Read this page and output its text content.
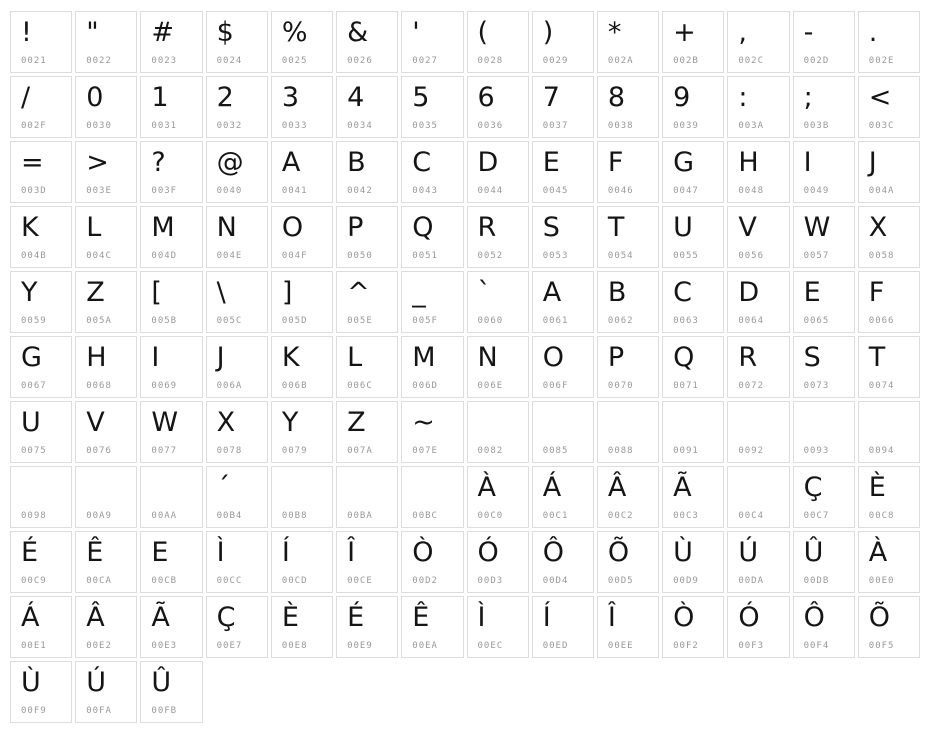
!
0021
"
0022
#
0023
$
0024
%
0025
&
0026
'
0027
(
0028
)
0029
*
002A
+
002B
,
002C
-
002D
.
002E
/
002F
0
0030
1
0031
2
0032
3
0033
4
0034
5
0035
6
0036
7
0037
8
0038
9
0039
:
003A
;
003B
<
003C
=
003D
>
003E
?
003F
@
0040
A
0041
B
0042
C
0043
D
0044
E
0045
F
0046
G
0047
H
0048
I
0049
J
004A
K
004B
L
004C
M
004D
N
004E
O
004F
P
0050
Q
0051
R
0052
S
0053
T
0054
U
0055
V
0056
W
0057
X
0058
Y
0059
Z
005A
[
005B
\
005C
]
005D
^
005E
_
005F
`
0060
A
0061
B
0062
C
0063
D
0064
E
0065
F
0066
G
0067
H
0068
I
0069
J
006A
K
006B
L
006C
M
006D
N
006E
O
006F
P
0070
Q
0071
R
0072
S
0073
T
0074
U
0075
V
0076
W
0077
X
0078
Y
0079
Z
007A
~
007E	0082	0085	0088	0091	0092	0093	0094
0098	00A9	00AA
´
00B4	00B8	00BA	00BC
À
00C0
Á
00C1
Â
00C2
Ã
00C3	00C4
Ç
00C7
È
00C8
É
00C9
Ê
00CA
E
00CB
Ì
00CC
Í
00CD
Î
00CE
Ò
00D2
Ó
00D3
Ô
00D4
Õ
00D5
Ù
00D9
Ú
00DA
Û
00DB
À
00E0
Á
00E1
Â
00E2
Ã
00E3
Ç
00E7
È
00E8
É
00E9
Ê
00EA
Ì
00EC
Í
00ED
Î
00EE
Ò
00F2
Ó
00F3
Ô
00F4
Õ
00F5
Ù
00F9
Ú
00FA
Û
00FB
